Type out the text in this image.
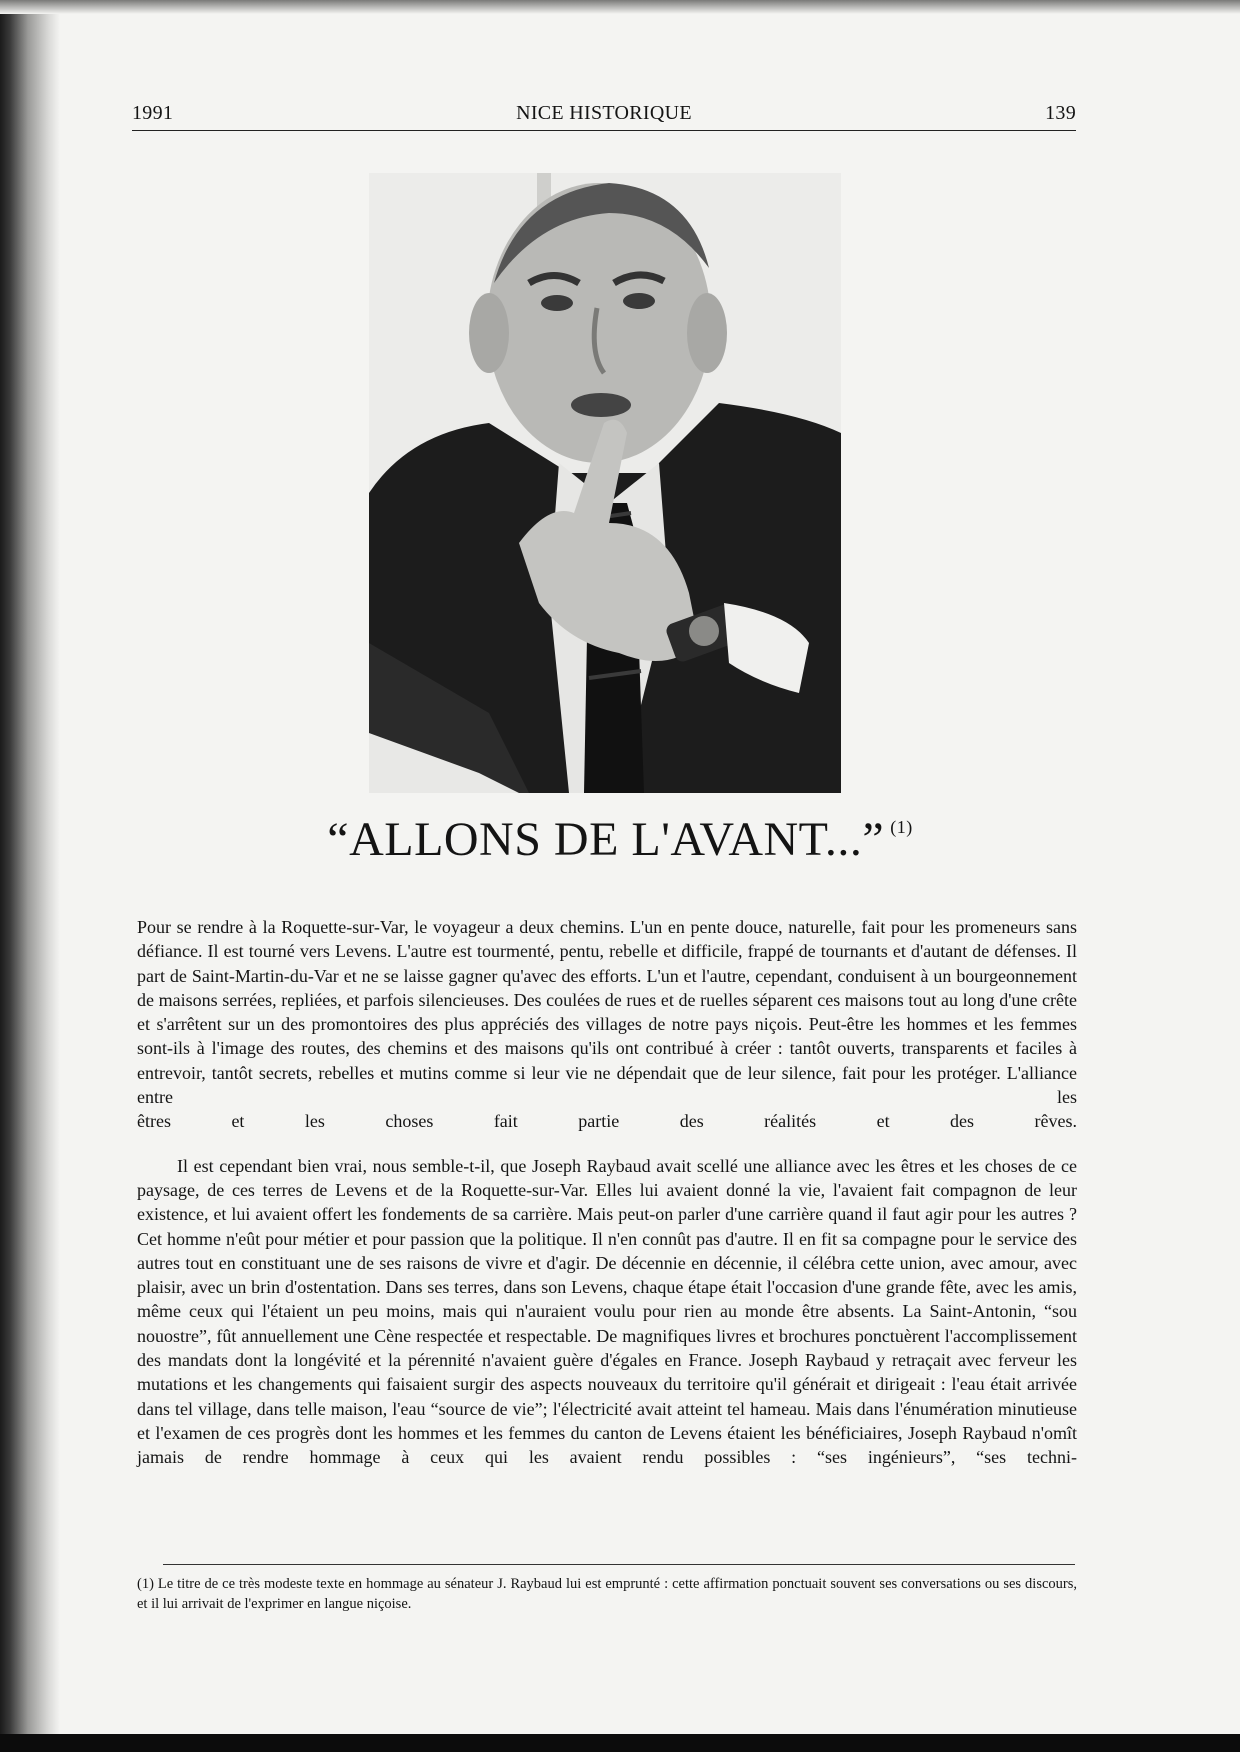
NICE HISTORIQUE
1991	139
“ALLONS DE L'AVANT...” $^{(1)}$

Pour se rendre à la Roquette-sur-Var, le voyageur a deux chemins. L'un en pente douce, naturelle, fait pour les promeneurs sans défiance. Il est tourné vers Levens. L'autre est tourmenté, pentu, rebelle et difficile, frappé de tournants et d'autant de défenses. Il part de Saint-Martin-du-Var et ne se laisse gagner qu'avec des efforts. L'un et l'autre, cependant, conduisent à un bourgeonnement de maisons serrées, repliées, et parfois silencieuses. Des coulées de rues et de ruelles séparent ces maisons tout au long d'une crête et s'arrêtent sur un des promontoires des plus appréciés des villages de notre pays niçois. Peut-être les hommes et les femmes sont-ils à l'image des routes, des chemins et des maisons qu'ils ont contribué à créer : tantôt ouverts, transparents et faciles à entrevoir, tantôt secrets, rebelles et mutins comme si leur vie ne dépendait que de leur silence, fait pour les protéger. L'alliance entre les
êtres et les choses fait partie des réalités et des rêves.

Il est cependant bien vrai, nous semble-t-il, que Joseph Raybaud avait scellé une alliance avec les êtres et les choses de ce paysage, de ces terres de Levens et de la Roquette-sur-Var. Elles lui avaient donné la vie, l'avaient fait compagnon de leur existence, et lui avaient offert les fondements de sa carrière. Mais peut-on parler d'une carrière quand il faut agir pour les autres ? Cet homme n'eût pour métier et pour passion que la politique. Il n'en connût pas d'autre. Il en fit sa compagne pour le service des autres tout en constituant une de ses raisons de vivre et d'agir. De décennie en décennie, il célébra cette union, avec amour, avec plaisir, avec un brin d'ostentation. Dans ses terres, dans son Levens, chaque étape était l'occasion d'une grande fête, avec les amis, même ceux qui l'étaient un peu moins, mais qui n'auraient voulu pour rien au monde être absents. La Saint-Antonin, “sou nouostre”, fût annuellement une Cène respectée et respectable. De magnifiques livres et brochures ponctuèrent l'accomplissement des mandats dont la longévité et la pérennité n'avaient guère d'égales en France. Joseph Raybaud y retraçait avec ferveur les mutations et les changements qui faisaient surgir des aspects nouveaux du territoire qu'il générait et dirigeait : l'eau était arrivée dans tel village, dans telle maison, l'eau “source de vie”; l'électricité avait atteint tel hameau. Mais dans l'énumération minutieuse et l'examen de ces progrès dont les hommes et les femmes du canton de Levens étaient les bénéficiaires, Joseph Raybaud n'omît jamais de rendre hommage à ceux qui les avaient rendu possibles : “ses ingénieurs”, “ses techni-

(1) Le titre de ce très modeste texte en hommage au sénateur J. Raybaud lui est emprunté : cette affirmation ponctuait souvent ses conversations ou ses discours, et il lui arrivait de l'exprimer en langue niçoise.
